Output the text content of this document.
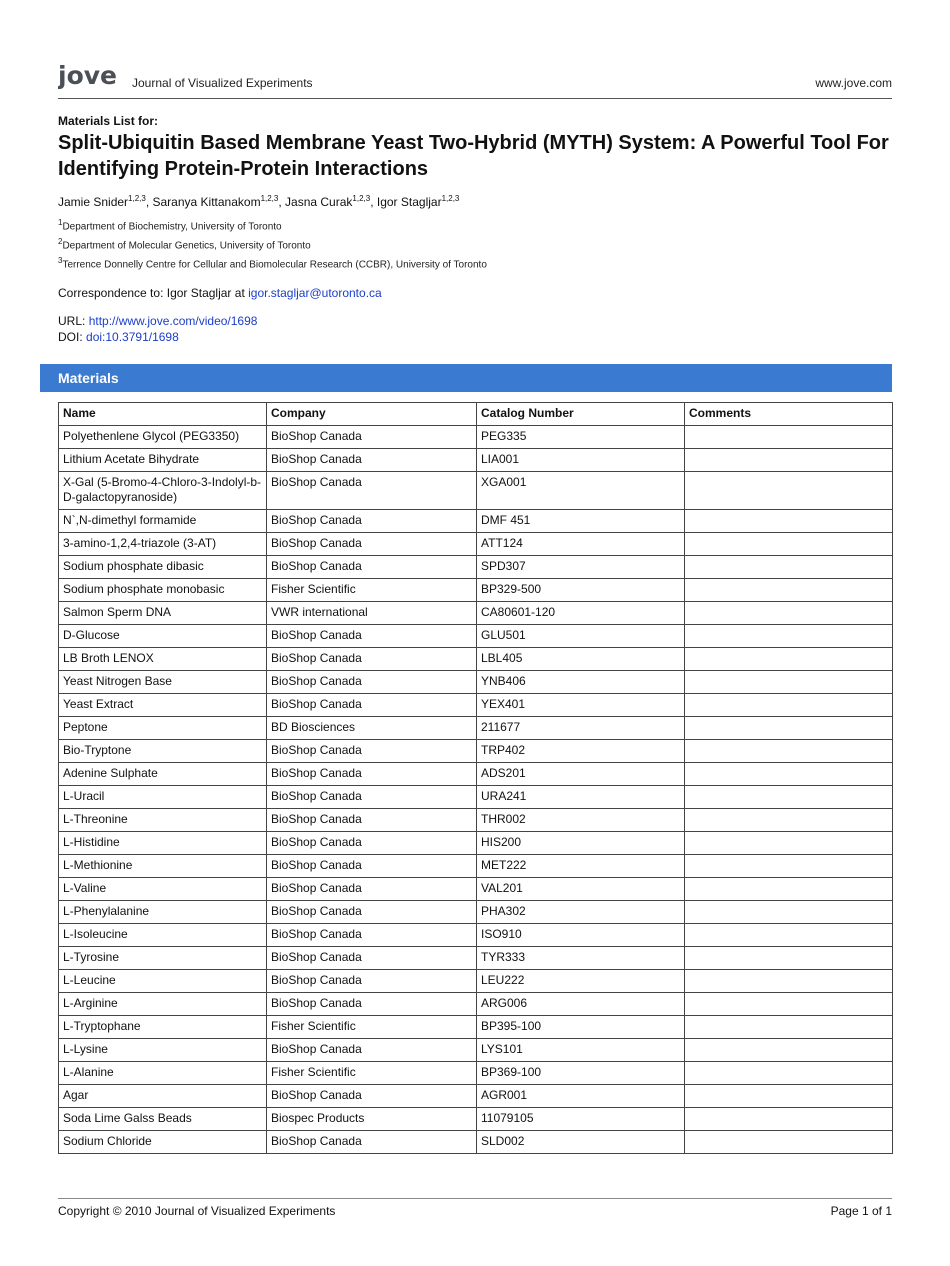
jove Journal of Visualized Experiments	www.jove.com
Materials List for:
Split-Ubiquitin Based Membrane Yeast Two-Hybrid (MYTH) System: A Powerful Tool For Identifying Protein-Protein Interactions
Jamie Snider$^{1,2,3}$, Saranya Kittanakom$^{1,2,3}$, Jasna Curak$^{1,2,3}$, Igor Stagljar$^{1,2,3}$
$^1$Department of Biochemistry, University of Toronto
$^2$Department of Molecular Genetics, University of Toronto
$^3$Terrence Donnelly Centre for Cellular and Biomolecular Research (CCBR), University of Toronto
Correspondence to: Igor Stagljar at igor.stagljar@utoronto.ca
URL: http://www.jove.com/video/1698
DOI: doi:10.3791/1698
Materials
Name	Company	Catalog Number	Comments
Polyethenlene Glycol (PEG3350)	BioShop Canada	PEG335	
Lithium Acetate Bihydrate	BioShop Canada	LIA001	
X-Gal (5-Bromo-4-Chloro-3-Indolyl-b-D-galactopyranoside)	BioShop Canada	XGA001	
N`,N-dimethyl formamide	BioShop Canada	DMF 451	
3-amino-1,2,4-triazole (3-AT)	BioShop Canada	ATT124	
Sodium phosphate dibasic	BioShop Canada	SPD307	
Sodium phosphate monobasic	Fisher Scientific	BP329-500	
Salmon Sperm DNA	VWR international	CA80601-120	
D-Glucose	BioShop Canada	GLU501	
LB Broth LENOX	BioShop Canada	LBL405	
Yeast Nitrogen Base	BioShop Canada	YNB406	
Yeast Extract	BioShop Canada	YEX401	
Peptone	BD Biosciences	211677	
Bio-Tryptone	BioShop Canada	TRP402	
Adenine Sulphate	BioShop Canada	ADS201	
L-Uracil	BioShop Canada	URA241	
L-Threonine	BioShop Canada	THR002	
L-Histidine	BioShop Canada	HIS200	
L-Methionine	BioShop Canada	MET222	
L-Valine	BioShop Canada	VAL201	
L-Phenylalanine	BioShop Canada	PHA302	
L-Isoleucine	BioShop Canada	ISO910	
L-Tyrosine	BioShop Canada	TYR333	
L-Leucine	BioShop Canada	LEU222	
L-Arginine	BioShop Canada	ARG006	
L-Tryptophane	Fisher Scientific	BP395-100	
L-Lysine	BioShop Canada	LYS101	
L-Alanine	Fisher Scientific	BP369-100	
Agar	BioShop Canada	AGR001	
Soda Lime Galss Beads	Biospec Products	11079105	
Sodium Chloride	BioShop Canada	SLD002	
Copyright © 2010 Journal of Visualized Experiments	Page 1 of 1
